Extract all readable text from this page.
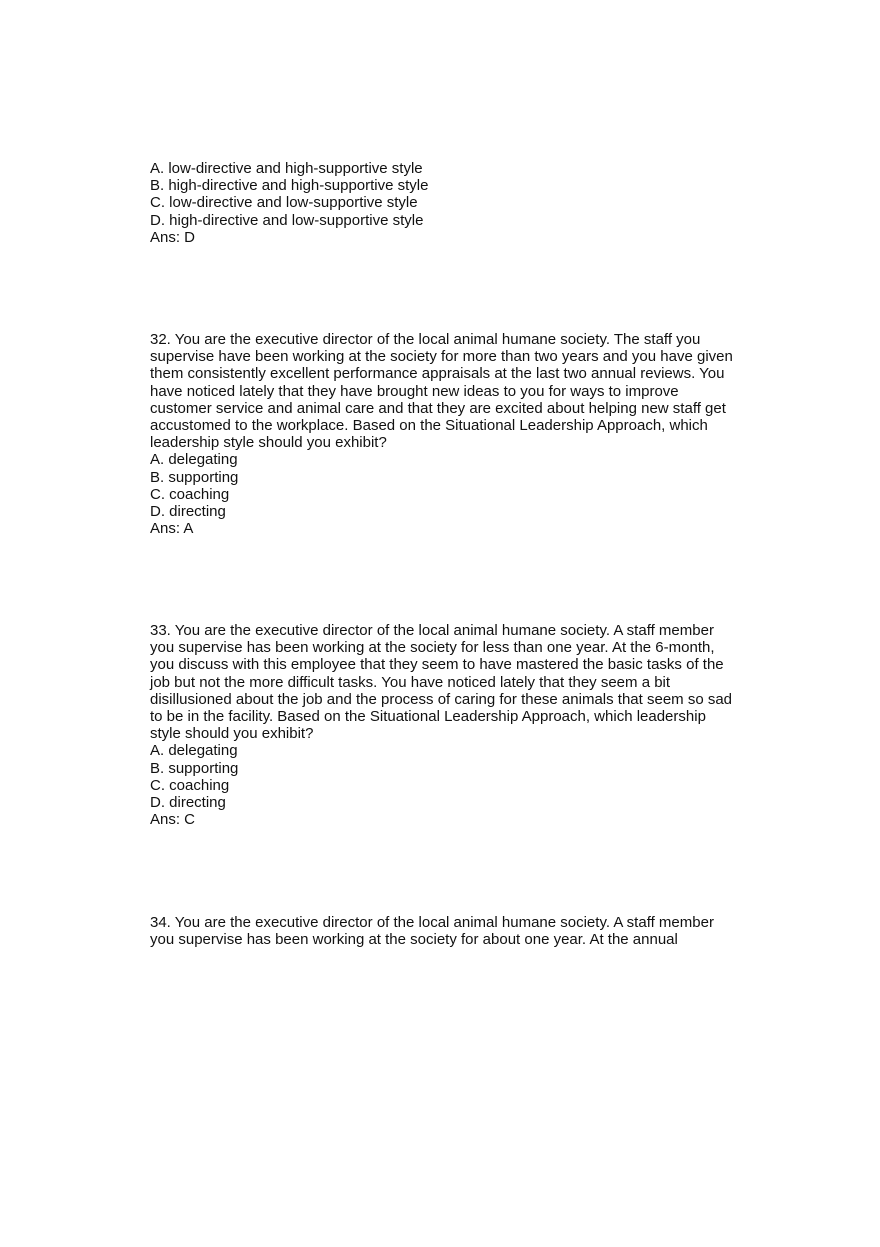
A. low-directive and high-supportive style
B. high-directive and high-supportive style
C. low-directive and low-supportive style
D. high-directive and low-supportive style
Ans: D
32. You are the executive director of the local animal humane society. The staff you
supervise have been working at the society for more than two years and you have given
them consistently excellent performance appraisals at the last two annual reviews. You
have noticed lately that they have brought new ideas to you for ways to improve
customer service and animal care and that they are excited about helping new staff get
accustomed to the workplace. Based on the Situational Leadership Approach, which
leadership style should you exhibit?
A. delegating
B. supporting
C. coaching
D. directing
Ans: A
33. You are the executive director of the local animal humane society. A staff member
you supervise has been working at the society for less than one year. At the 6-month,
you discuss with this employee that they seem to have mastered the basic tasks of the
job but not the more difficult tasks. You have noticed lately that they seem a bit
disillusioned about the job and the process of caring for these animals that seem so sad
to be in the facility. Based on the Situational Leadership Approach, which leadership
style should you exhibit?
A. delegating
B. supporting
C. coaching
D. directing
Ans: C
34. You are the executive director of the local animal humane society. A staff member
you supervise has been working at the society for about one year. At the annual
